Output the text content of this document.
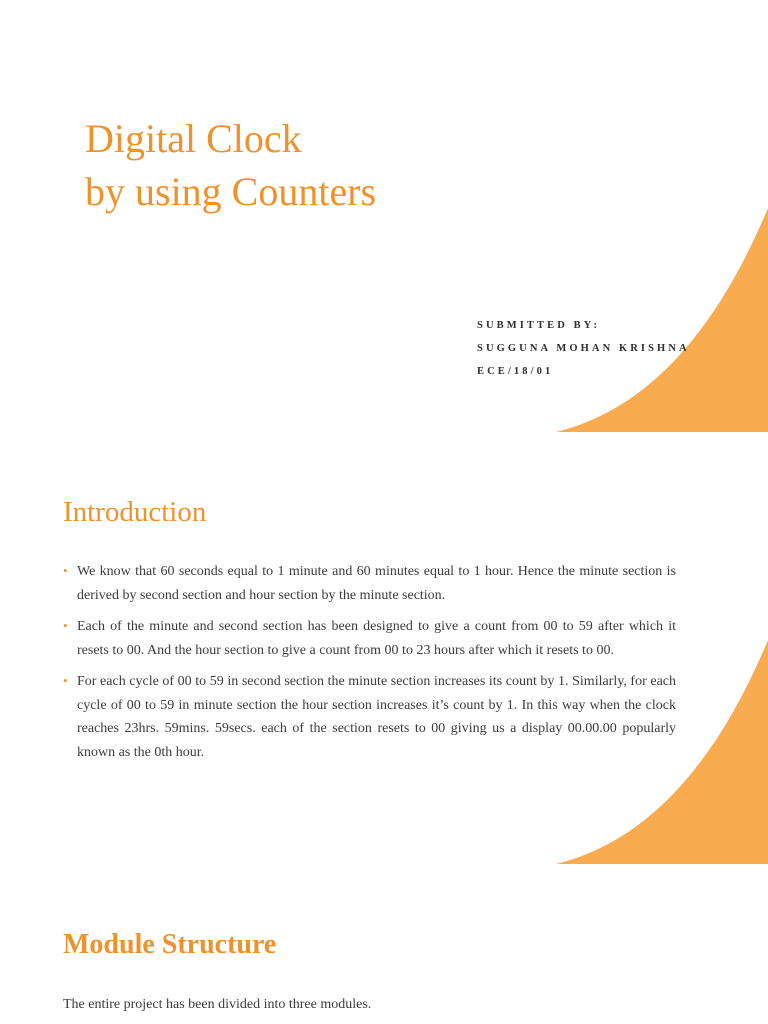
Digital Clock
by using Counters

SUBMITTED BY:

SUGGUNA MOHAN KRISHNA

ECE/18/01

Introduction
• We know that 60 seconds equal to 1 minute and 60 minutes equal to 1 hour. Hence the minute section is derived by second section and hour section by the minute section.
• Each of the minute and second section has been designed to give a count from 00 to 59 after which it resets to 00. And the hour section to give a count from 00 to 23 hours after which it resets to 00.
• For each cycle of 00 to 59 in second section the minute section increases its count by 1. Similarly, for each cycle of 00 to 59 in minute section the hour section increases it’s count by 1. In this way when the clock reaches 23hrs. 59mins. 59secs. each of the section resets to 00 giving us a display 00.00.00 popularly known as the 0th hour.
Module Structure

The entire project has been divided into three modules.
